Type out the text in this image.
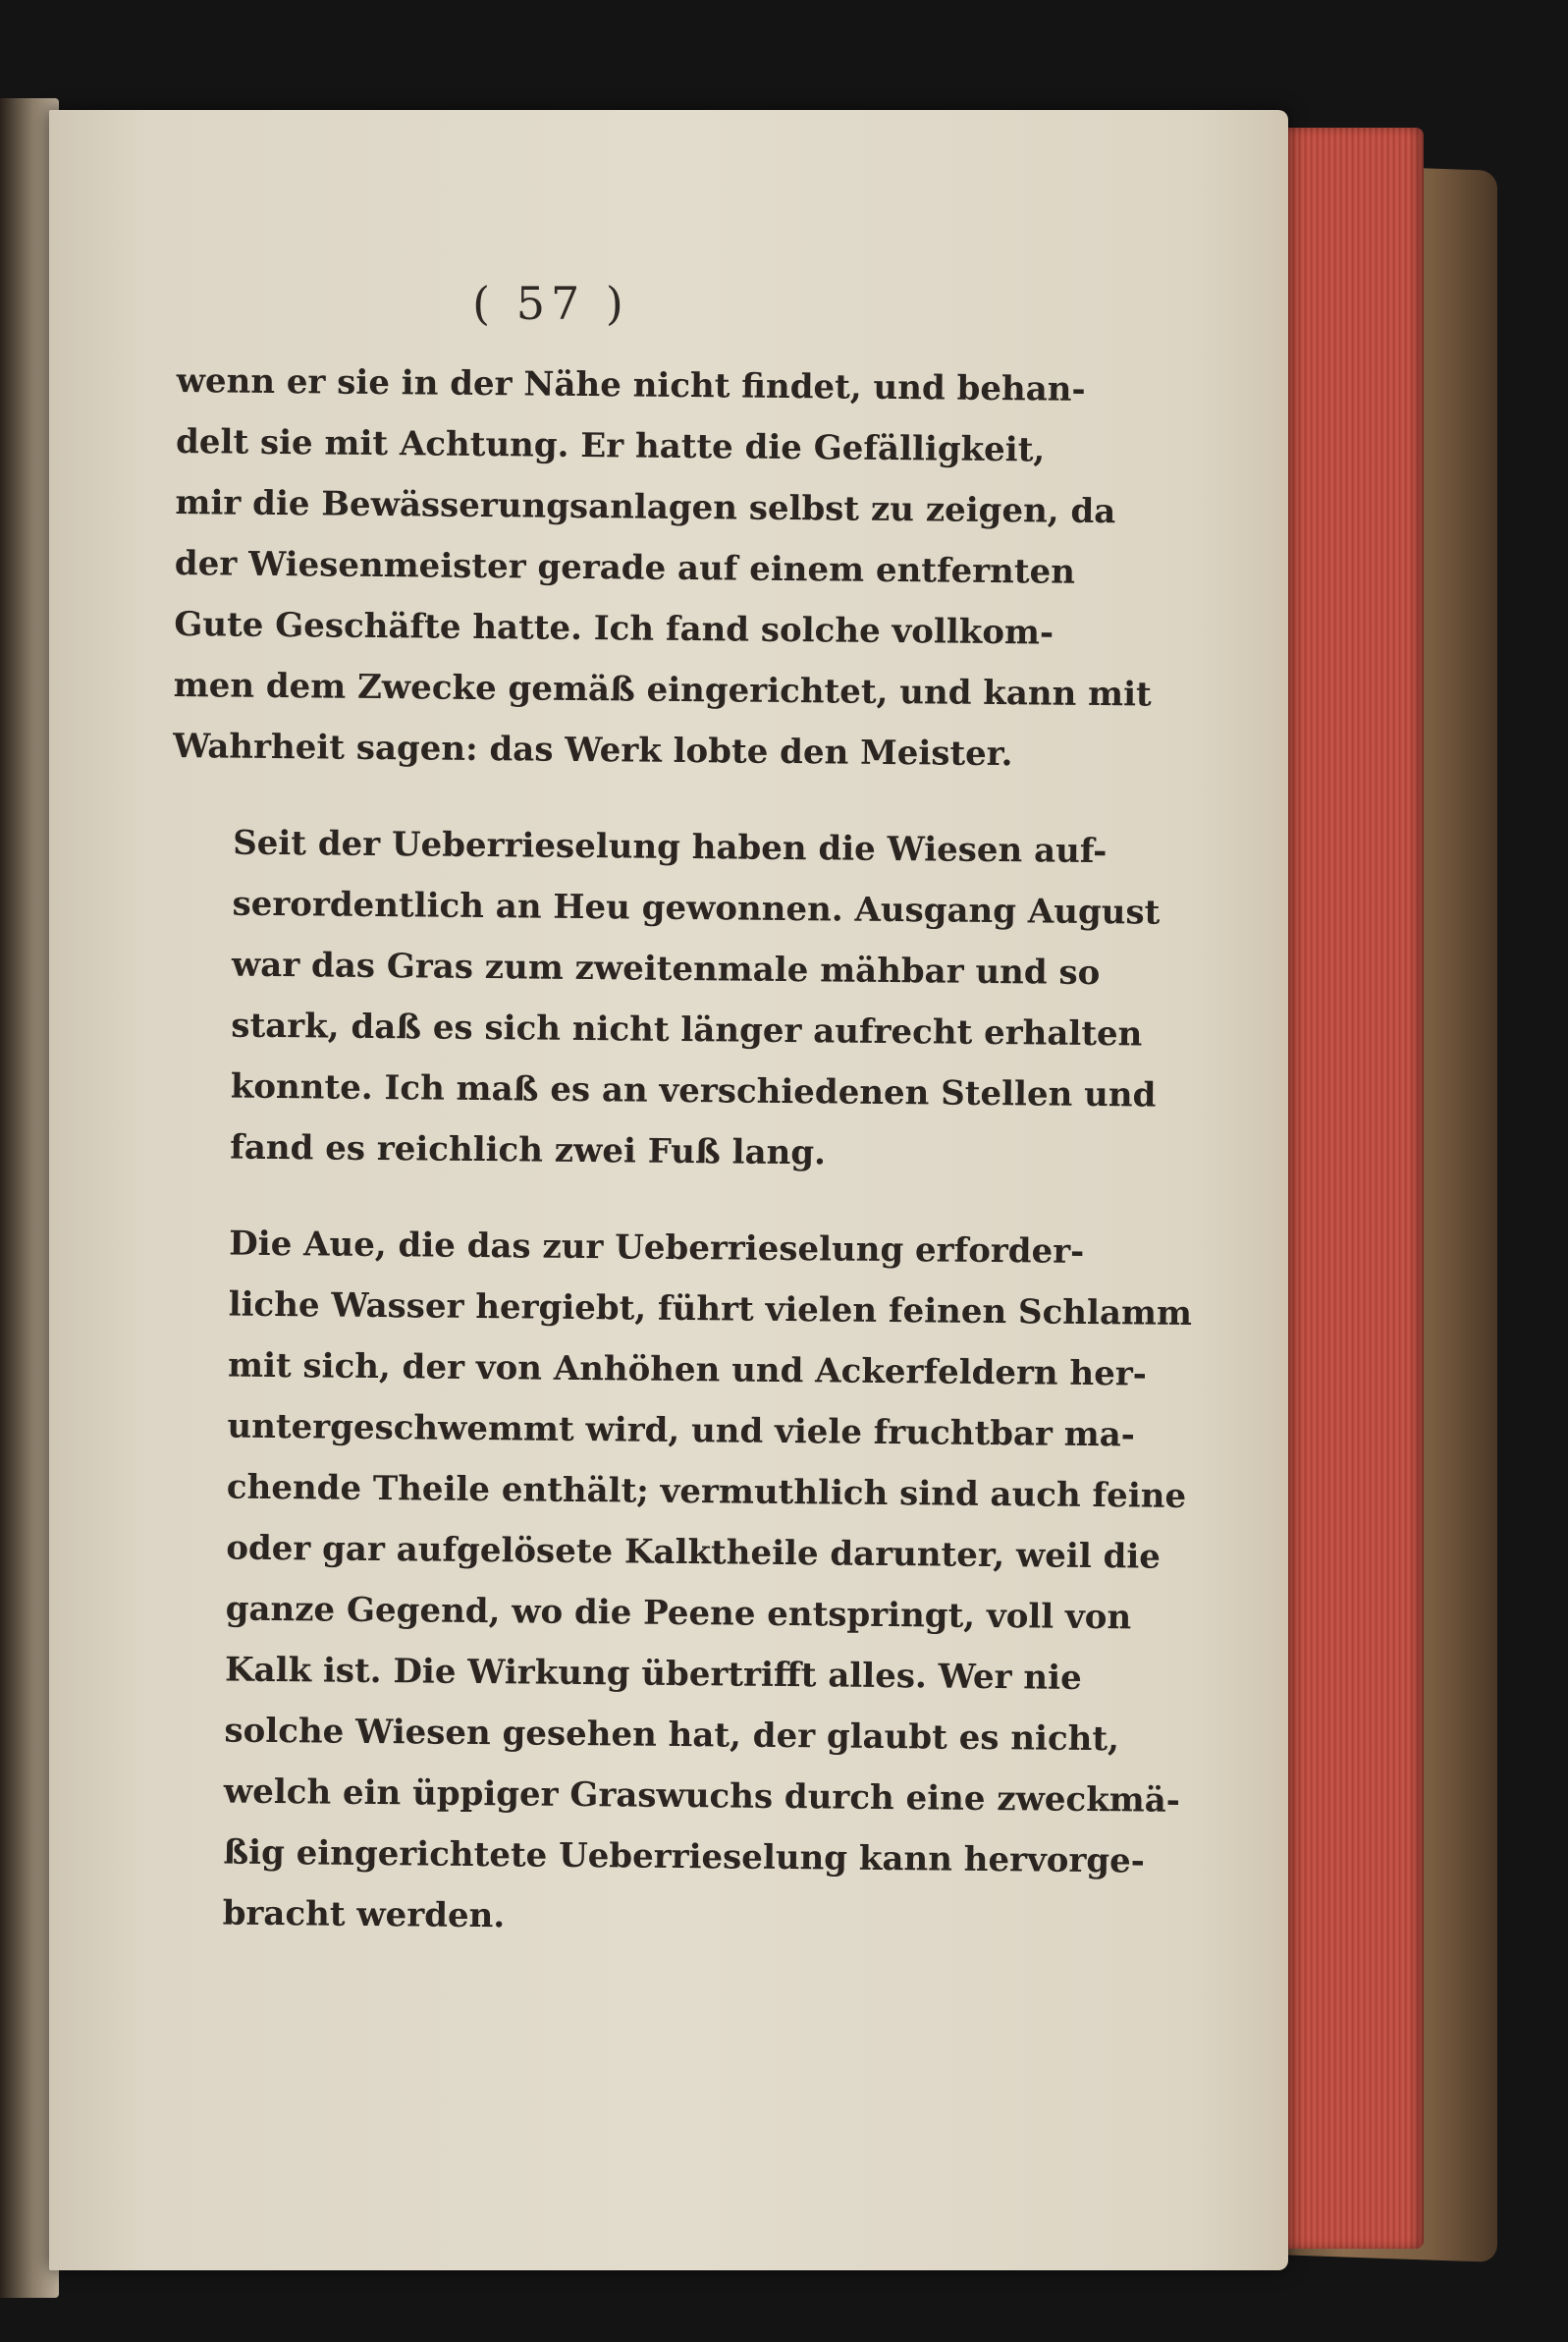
( 57 )

wenn er sie in der Nähe nicht findet, und behan-
delt sie mit Achtung. Er hatte die Gefälligkeit,
mir die Bewässerungsanlagen selbst zu zeigen, da
der Wiesenmeister gerade auf einem entfernten
Gute Geschäfte hatte. Ich fand solche vollkom-
men dem Zwecke gemäß eingerichtet, und kann mit
Wahrheit sagen: das Werk lobte den Meister.

Seit der Ueberrieselung haben die Wiesen auf-
serordentlich an Heu gewonnen. Ausgang August
war das Gras zum zweitenmale mähbar und so
stark, daß es sich nicht länger aufrecht erhalten
konnte. Ich maß es an verschiedenen Stellen und
fand es reichlich zwei Fuß lang.

Die Aue, die das zur Ueberrieselung erforder-
liche Wasser hergiebt, führt vielen feinen Schlamm
mit sich, der von Anhöhen und Ackerfeldern her-
untergeschwemmt wird, und viele fruchtbar ma-
chende Theile enthält; vermuthlich sind auch feine
oder gar aufgelösete Kalktheile darunter, weil die
ganze Gegend, wo die Peene entspringt, voll von
Kalk ist. Die Wirkung übertrifft alles. Wer nie
solche Wiesen gesehen hat, der glaubt es nicht,
welch ein üppiger Graswuchs durch eine zweckmä-
ßig eingerichtete Ueberrieselung kann hervorge-
bracht werden.
